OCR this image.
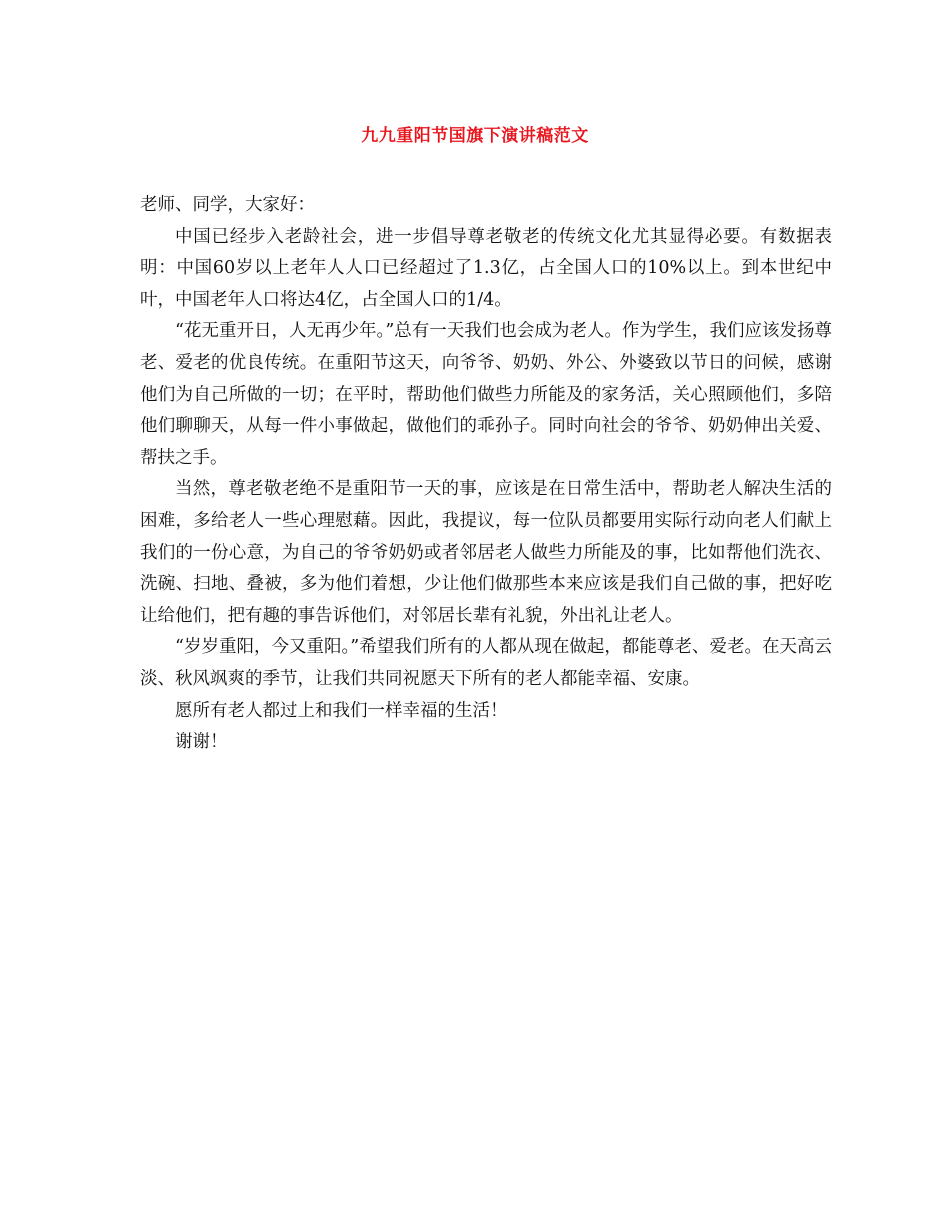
九九重阳节国旗下演讲稿范文

老师、同学，大家好：

中国已经步入老龄社会，进一步倡导尊老敬老的传统文化尤其显得必要。有数据表明：中国60岁以上老年人人口已经超过了1.3亿，占全国人口的10%以上。到本世纪中叶，中国老年人口将达4亿，占全国人口的1/4。

“花无重开日，人无再少年。”总有一天我们也会成为老人。作为学生，我们应该发扬尊老、爱老的优良传统。在重阳节这天，向爷爷、奶奶、外公、外婆致以节日的问候，感谢他们为自己所做的一切；在平时，帮助他们做些力所能及的家务活，关心照顾他们，多陪他们聊聊天，从每一件小事做起，做他们的乖孙子。同时向社会的爷爷、奶奶伸出关爱、帮扶之手。

当然，尊老敬老绝不是重阳节一天的事，应该是在日常生活中，帮助老人解决生活的困难，多给老人一些心理慰藉。因此，我提议，每一位队员都要用实际行动向老人们献上我们的一份心意，为自己的爷爷奶奶或者邻居老人做些力所能及的事，比如帮他们洗衣、洗碗、扫地、叠被，多为他们着想，少让他们做那些本来应该是我们自己做的事，把好吃让给他们，把有趣的事告诉他们，对邻居长辈有礼貌，外出礼让老人。

“岁岁重阳，今又重阳。”希望我们所有的人都从现在做起，都能尊老、爱老。在天高云淡、秋风飒爽的季节，让我们共同祝愿天下所有的老人都能幸福、安康。

愿所有老人都过上和我们一样幸福的生活！

谢谢！
